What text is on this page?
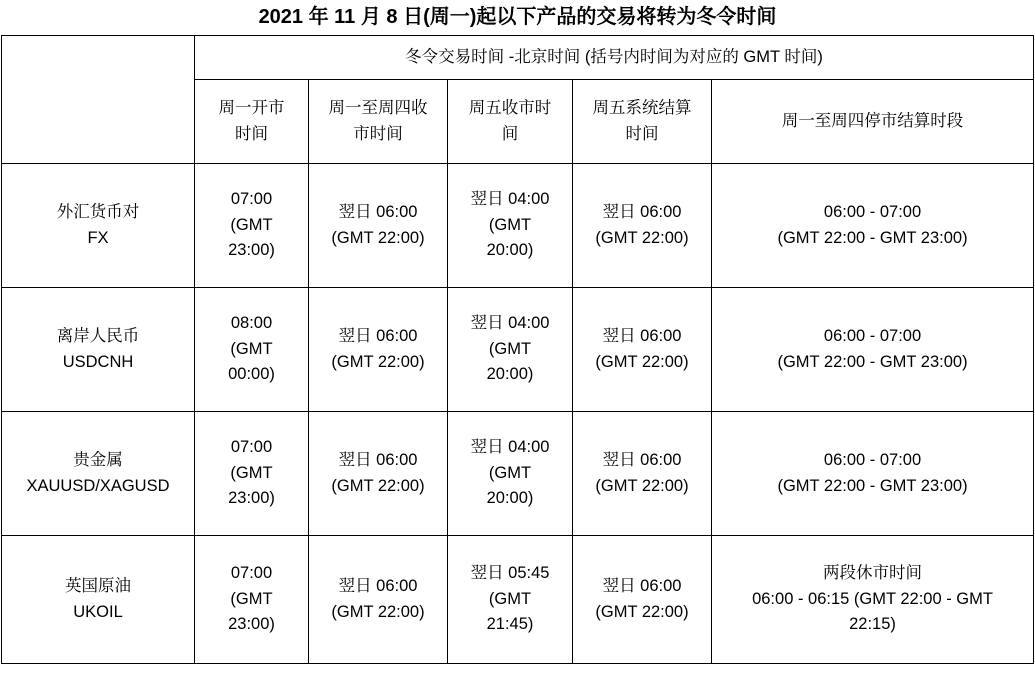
2021 年 11 月 8 日(周一)起以下产品的交易将转为冬令时间
	冬令交易时间 -北京时间 (括号内时间为对应的 GMT 时间)				

	周一开市
时间	周一至周四收
市时间	周五收市时
间	周五系统结算
时间	周一至周四停市结算时段

外汇货币对
FX	07:00
(GMT
23:00)	翌日 06:00
(GMT 22:00)	翌日 04:00
(GMT
20:00)	翌日 06:00
(GMT 22:00)	06:00 - 07:00
(GMT 22:00 - GMT 23:00)

离岸人民币
USDCNH	08:00
(GMT
00:00)	翌日 06:00
(GMT 22:00)	翌日 04:00
(GMT
20:00)	翌日 06:00
(GMT 22:00)	06:00 - 07:00
(GMT 22:00 - GMT 23:00)

贵金属
XAUUSD/XAGUSD	07:00
(GMT
23:00)	翌日 06:00
(GMT 22:00)	翌日 04:00
(GMT
20:00)	翌日 06:00
(GMT 22:00)	06:00 - 07:00
(GMT 22:00 - GMT 23:00)

英国原油
UKOIL	07:00
(GMT
23:00)	翌日 06:00
(GMT 22:00)	翌日 05:45
(GMT
21:45)	翌日 06:00
(GMT 22:00)	两段休市时间
06:00 - 06:15 (GMT 22:00 - GMT
22:15)
